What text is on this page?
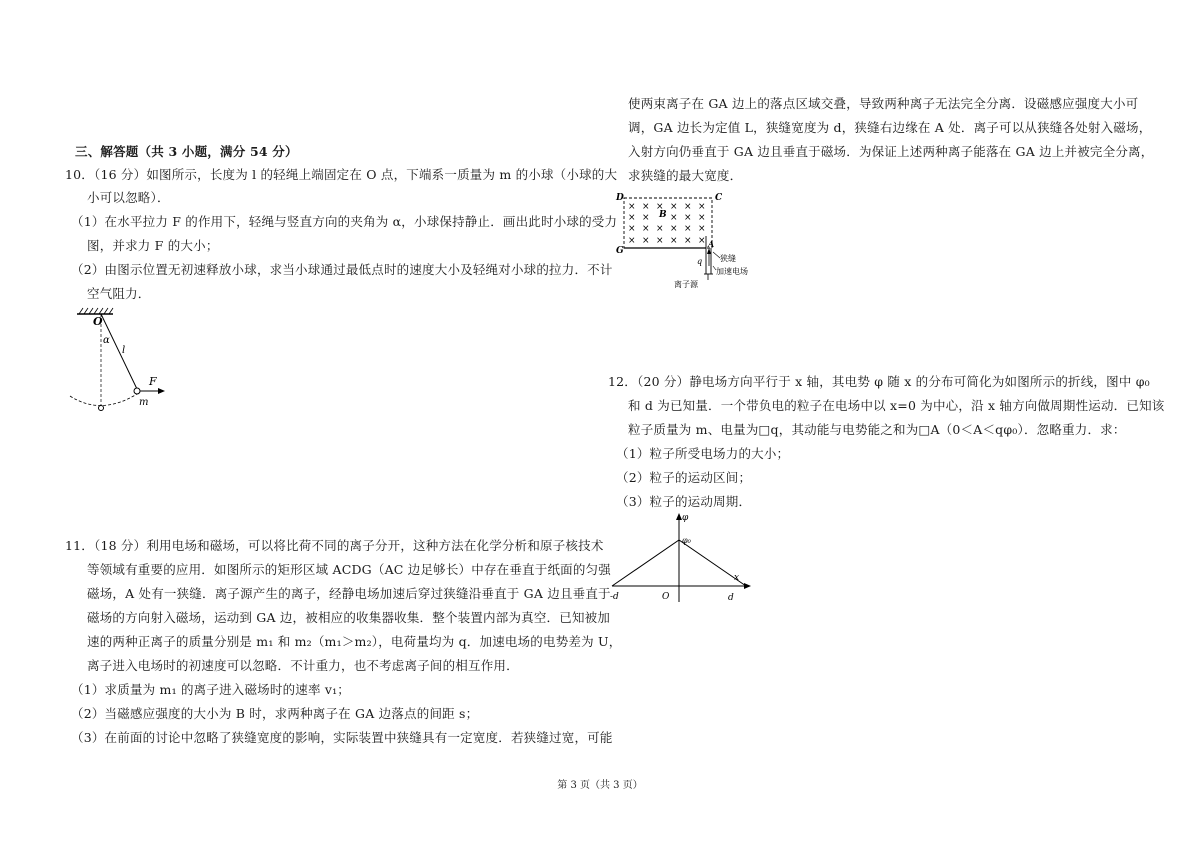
三、解答题（共 3 小题，满分 54 分）
10．（16 分）如图所示，长度为 l 的轻绳上端固定在 O 点，下端系一质量为 m 的小球（小球的大
小可以忽略）．
（1）在水平拉力 F 的作用下，轻绳与竖直方向的夹角为 α，小球保持静止．画出此时小球的受力
图，并求力 F 的大小；
（2）由图示位置无初速释放小球，求当小球通过最低点时的速度大小及轻绳对小球的拉力．不计
空气阻力．
11．（18 分）利用电场和磁场，可以将比荷不同的离子分开，这种方法在化学分析和原子核技术
等领域有重要的应用．如图所示的矩形区域 ACDG（AC 边足够长）中存在垂直于纸面的匀强
磁场，A 处有一狭缝．离子源产生的离子，经静电场加速后穿过狭缝沿垂直于 GA 边且垂直于
磁场的方向射入磁场，运动到 GA 边，被相应的收集器收集．整个装置内部为真空．已知被加
速的两种正离子的质量分别是 m₁ 和 m₂（m₁＞m₂），电荷量均为 q．加速电场的电势差为 U，
离子进入电场时的初速度可以忽略．不计重力，也不考虑离子间的相互作用．
（1）求质量为 m₁ 的离子进入磁场时的速率 v₁；
（2）当磁感应强度的大小为 B 时，求两种离子在 GA 边落点的间距 s；
（3）在前面的讨论中忽略了狭缝宽度的影响，实际装置中狭缝具有一定宽度．若狭缝过宽，可能
O
α
l
F
m
使两束离子在 GA 边上的落点区域交叠，导致两种离子无法完全分离．设磁感应强度大小可
调，GA 边长为定值 L，狭缝宽度为 d，狭缝右边缘在 A 处．离子可以从狭缝各处射入磁场，
入射方向仍垂直于 GA 边且垂直于磁场．为保证上述两种离子能落在 GA 边上并被完全分离，
求狭缝的最大宽度．
12．（20 分）静电场方向平行于 x 轴，其电势 φ 随 x 的分布可简化为如图所示的折线，图中 φ₀
和 d 为已知量．一个带负电的粒子在电场中以 x=0 为中心，沿 x 轴方向做周期性运动．已知该
粒子质量为 m、电量为□q，其动能与电势能之和为□A（0＜A＜qφ₀）．忽略重力．求：
（1）粒子所受电场力的大小；
（2）粒子的运动区间；
（3）粒子的运动周期．
× × × × × ×
× × × × ×
× × × × × ×
× × × × × ×
D	C
G
A
B
q 狭缝
加速电场
离子源
φ
φ₀
x
-d	O	d
第 3 页（共 3 页）
